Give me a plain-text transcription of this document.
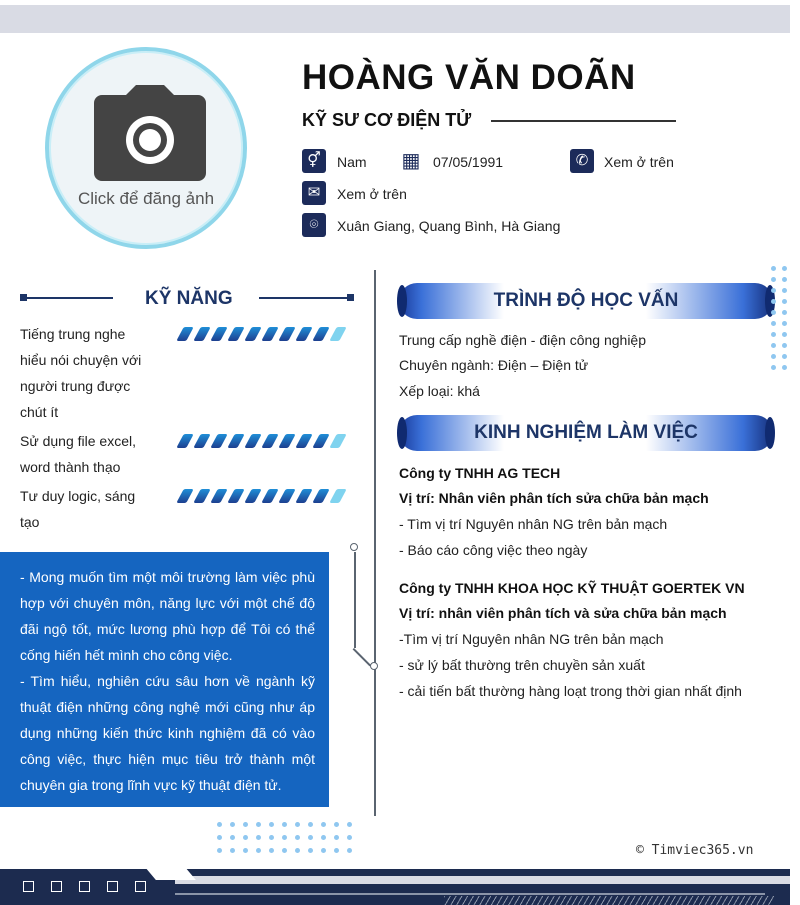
Click để đăng ảnh
HOÀNG VĂN DOÃN
KỸ SƯ CƠ ĐIỆN TỬ
⚥	Nam ▦ 07/05/1991	✆	Xem ở trên
✉	Xem ở trên
⌾	Xuân Giang, Quang Bình, Hà Giang
KỸ NĂNG
Tiếng trung nghe hiểu nói chuyện với người trung được chút ít
Sử dụng file excel, word thành thạo
Tư duy logic, sáng tạo
- Mong muốn tìm một môi trường làm việc phù hợp với chuyên môn, năng lực với một chế độ đãi ngộ tốt, mức lương phù hợp để Tôi có thể cống hiến hết mình cho công việc.
- Tìm hiểu, nghiên cứu sâu hơn về ngành kỹ thuật điện những công nghệ mới cũng như áp dụng những kiến thức kinh nghiệm đã có vào công việc, thực hiện mục tiêu trở thành một chuyên gia trong lĩnh vực kỹ thuật điện tử.
TRÌNH ĐỘ HỌC VẤN
Trung cấp nghề điện - điện công nghiệp
Chuyên ngành: Điện – Điện tử
Xếp loại: khá
KINH NGHIỆM LÀM VIỆC
Công ty TNHH AG TECH
Vị trí: Nhân viên phân tích sửa chữa bản mạch
- Tìm vị trí Nguyên nhân NG trên bản mạch
- Báo cáo công việc theo ngày
Công ty TNHH KHOA HỌC KỸ THUẬT GOERTEK VN
Vị trí: nhân viên phân tích và sửa chữa bản mạch
-Tìm vị trí Nguyên nhân NG trên bản mạch
- sử lý bất thường trên chuyền sản xuất
- cải tiến bất thường hàng loạt trong thời gian nhất định
© Timviec365.vn
